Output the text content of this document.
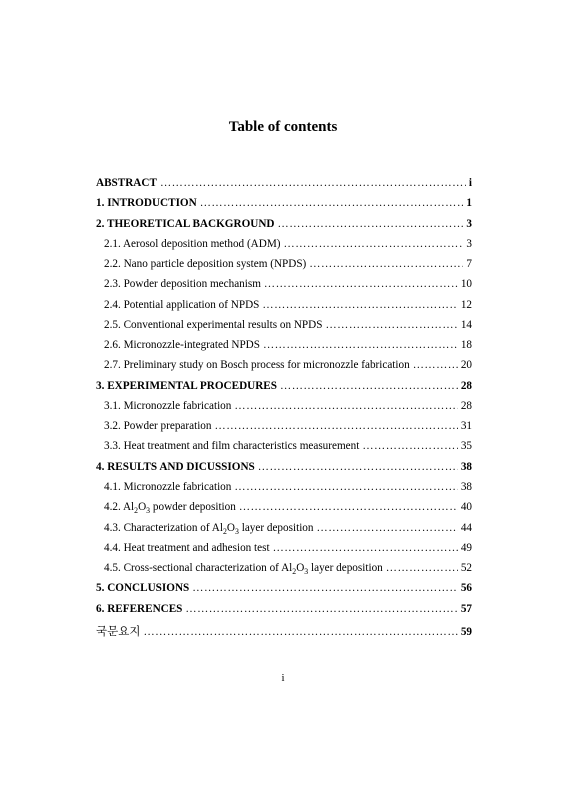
Table of contents
ABSTRACT …………………………………………………………………………………………………………………………………………………………………	i
1. INTRODUCTION …………………………………………………………………………………………………………………………………………………………………	1
2. THEORETICAL BACKGROUND …………………………………………………………………………………………………………………………………………………………………	3
2.1. Aerosol deposition method (ADM) …………………………………………………………………………………………………………………………………………………………………	3
2.2. Nano particle deposition system (NPDS) …………………………………………………………………………………………………………………………………………………………………	7
2.3. Powder deposition mechanism …………………………………………………………………………………………………………………………………………………………………	10
2.4. Potential application of NPDS …………………………………………………………………………………………………………………………………………………………………	12
2.5. Conventional experimental results on NPDS …………………………………………………………………………………………………………………………………………………………………	14
2.6. Micronozzle-integrated NPDS …………………………………………………………………………………………………………………………………………………………………	18
2.7. Preliminary study on Bosch process for micronozzle fabrication …………………………………………………………………………………………………………………………………………………………………	20
3. EXPERIMENTAL PROCEDURES …………………………………………………………………………………………………………………………………………………………………	28
3.1. Micronozzle fabrication …………………………………………………………………………………………………………………………………………………………………	28
3.2. Powder preparation …………………………………………………………………………………………………………………………………………………………………	31
3.3. Heat treatment and film characteristics measurement …………………………………………………………………………………………………………………………………………………………………	35
4. RESULTS AND DICUSSIONS …………………………………………………………………………………………………………………………………………………………………	38
4.1. Micronozzle fabrication …………………………………………………………………………………………………………………………………………………………………	38
4.2. $Al_2O_3$ powder deposition …………………………………………………………………………………………………………………………………………………………………	40
4.3. Characterization of $Al_2O_3$ layer deposition …………………………………………………………………………………………………………………………………………………………………	44
4.4. Heat treatment and adhesion test …………………………………………………………………………………………………………………………………………………………………	49
4.5. Cross-sectional characterization of $Al_2O_3$ layer deposition …………………………………………………………………………………………………………………………………………………………………	52
5. CONCLUSIONS …………………………………………………………………………………………………………………………………………………………………	56
6. REFERENCES …………………………………………………………………………………………………………………………………………………………………	57
국문요지 …………………………………………………………………………………………………………………………………………………………………	59
i
